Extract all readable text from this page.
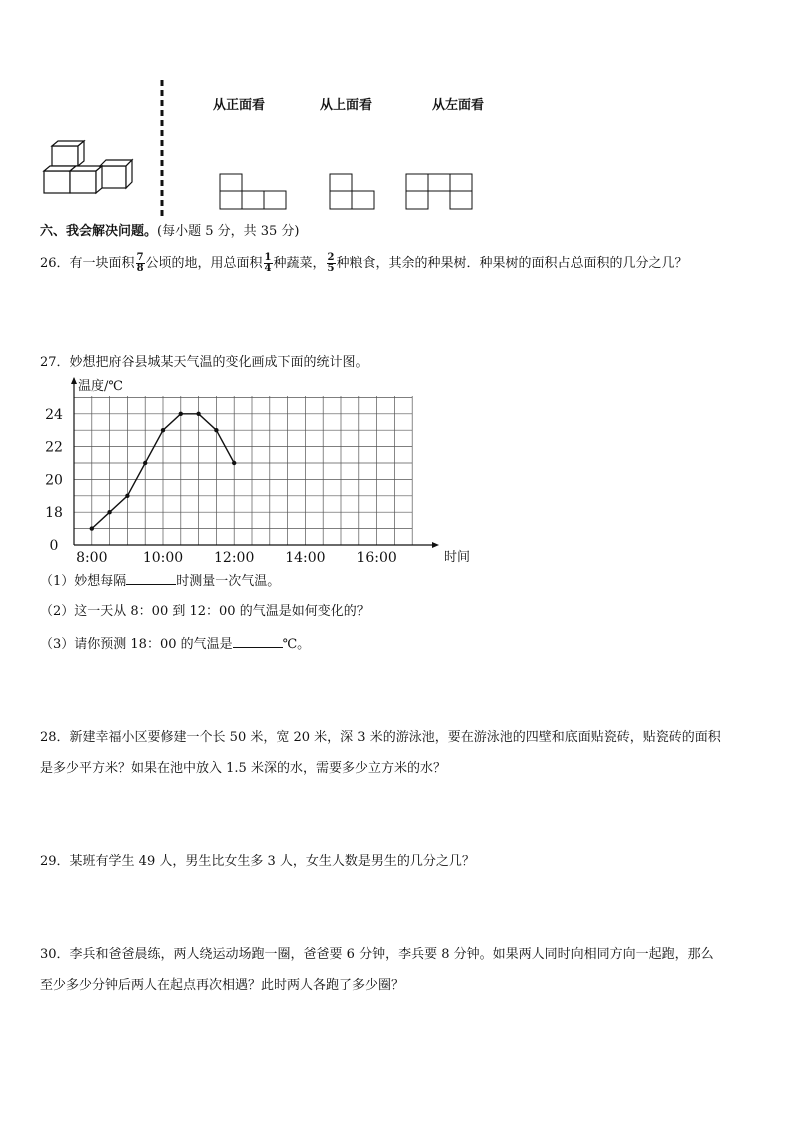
从正面看	从上面看	从左面看
六、我会解决问题。(每小题 5 分，共 35 分)
26．有一块面积 $\frac{7}{8}$ 公顷的地，用总面积 $\frac{1}{4}$ 种蔬菜， $\frac{2}{5}$ 种粮食，其余的种果树．种果树的面积占总面积的几分之几？
27．妙想把府谷县城某天气温的变化画成下面的统计图。
0
18
20
22
24
8:00	10:00 12:00 14:00 16:00
温度/℃
时间
（1）妙想每隔	时测量一次气温。
（2）这一天从 8：00 到 12：00 的气温是如何变化的？
（3）请你预测 18：00 的气温是	℃。
28．新建幸福小区要修建一个长 50 米，宽 20 米，深 3 米的游泳池，要在游泳池的四壁和底面贴瓷砖，贴瓷砖的面积
是多少平方米？如果在池中放入 1.5 米深的水，需要多少立方米的水？
29．某班有学生 49 人，男生比女生多 3 人，女生人数是男生的几分之几？
30．李兵和爸爸晨练，两人绕运动场跑一圈，爸爸要 6 分钟，李兵要 8 分钟。如果两人同时向相同方向一起跑，那么
至少多少分钟后两人在起点再次相遇？此时两人各跑了多少圈？
